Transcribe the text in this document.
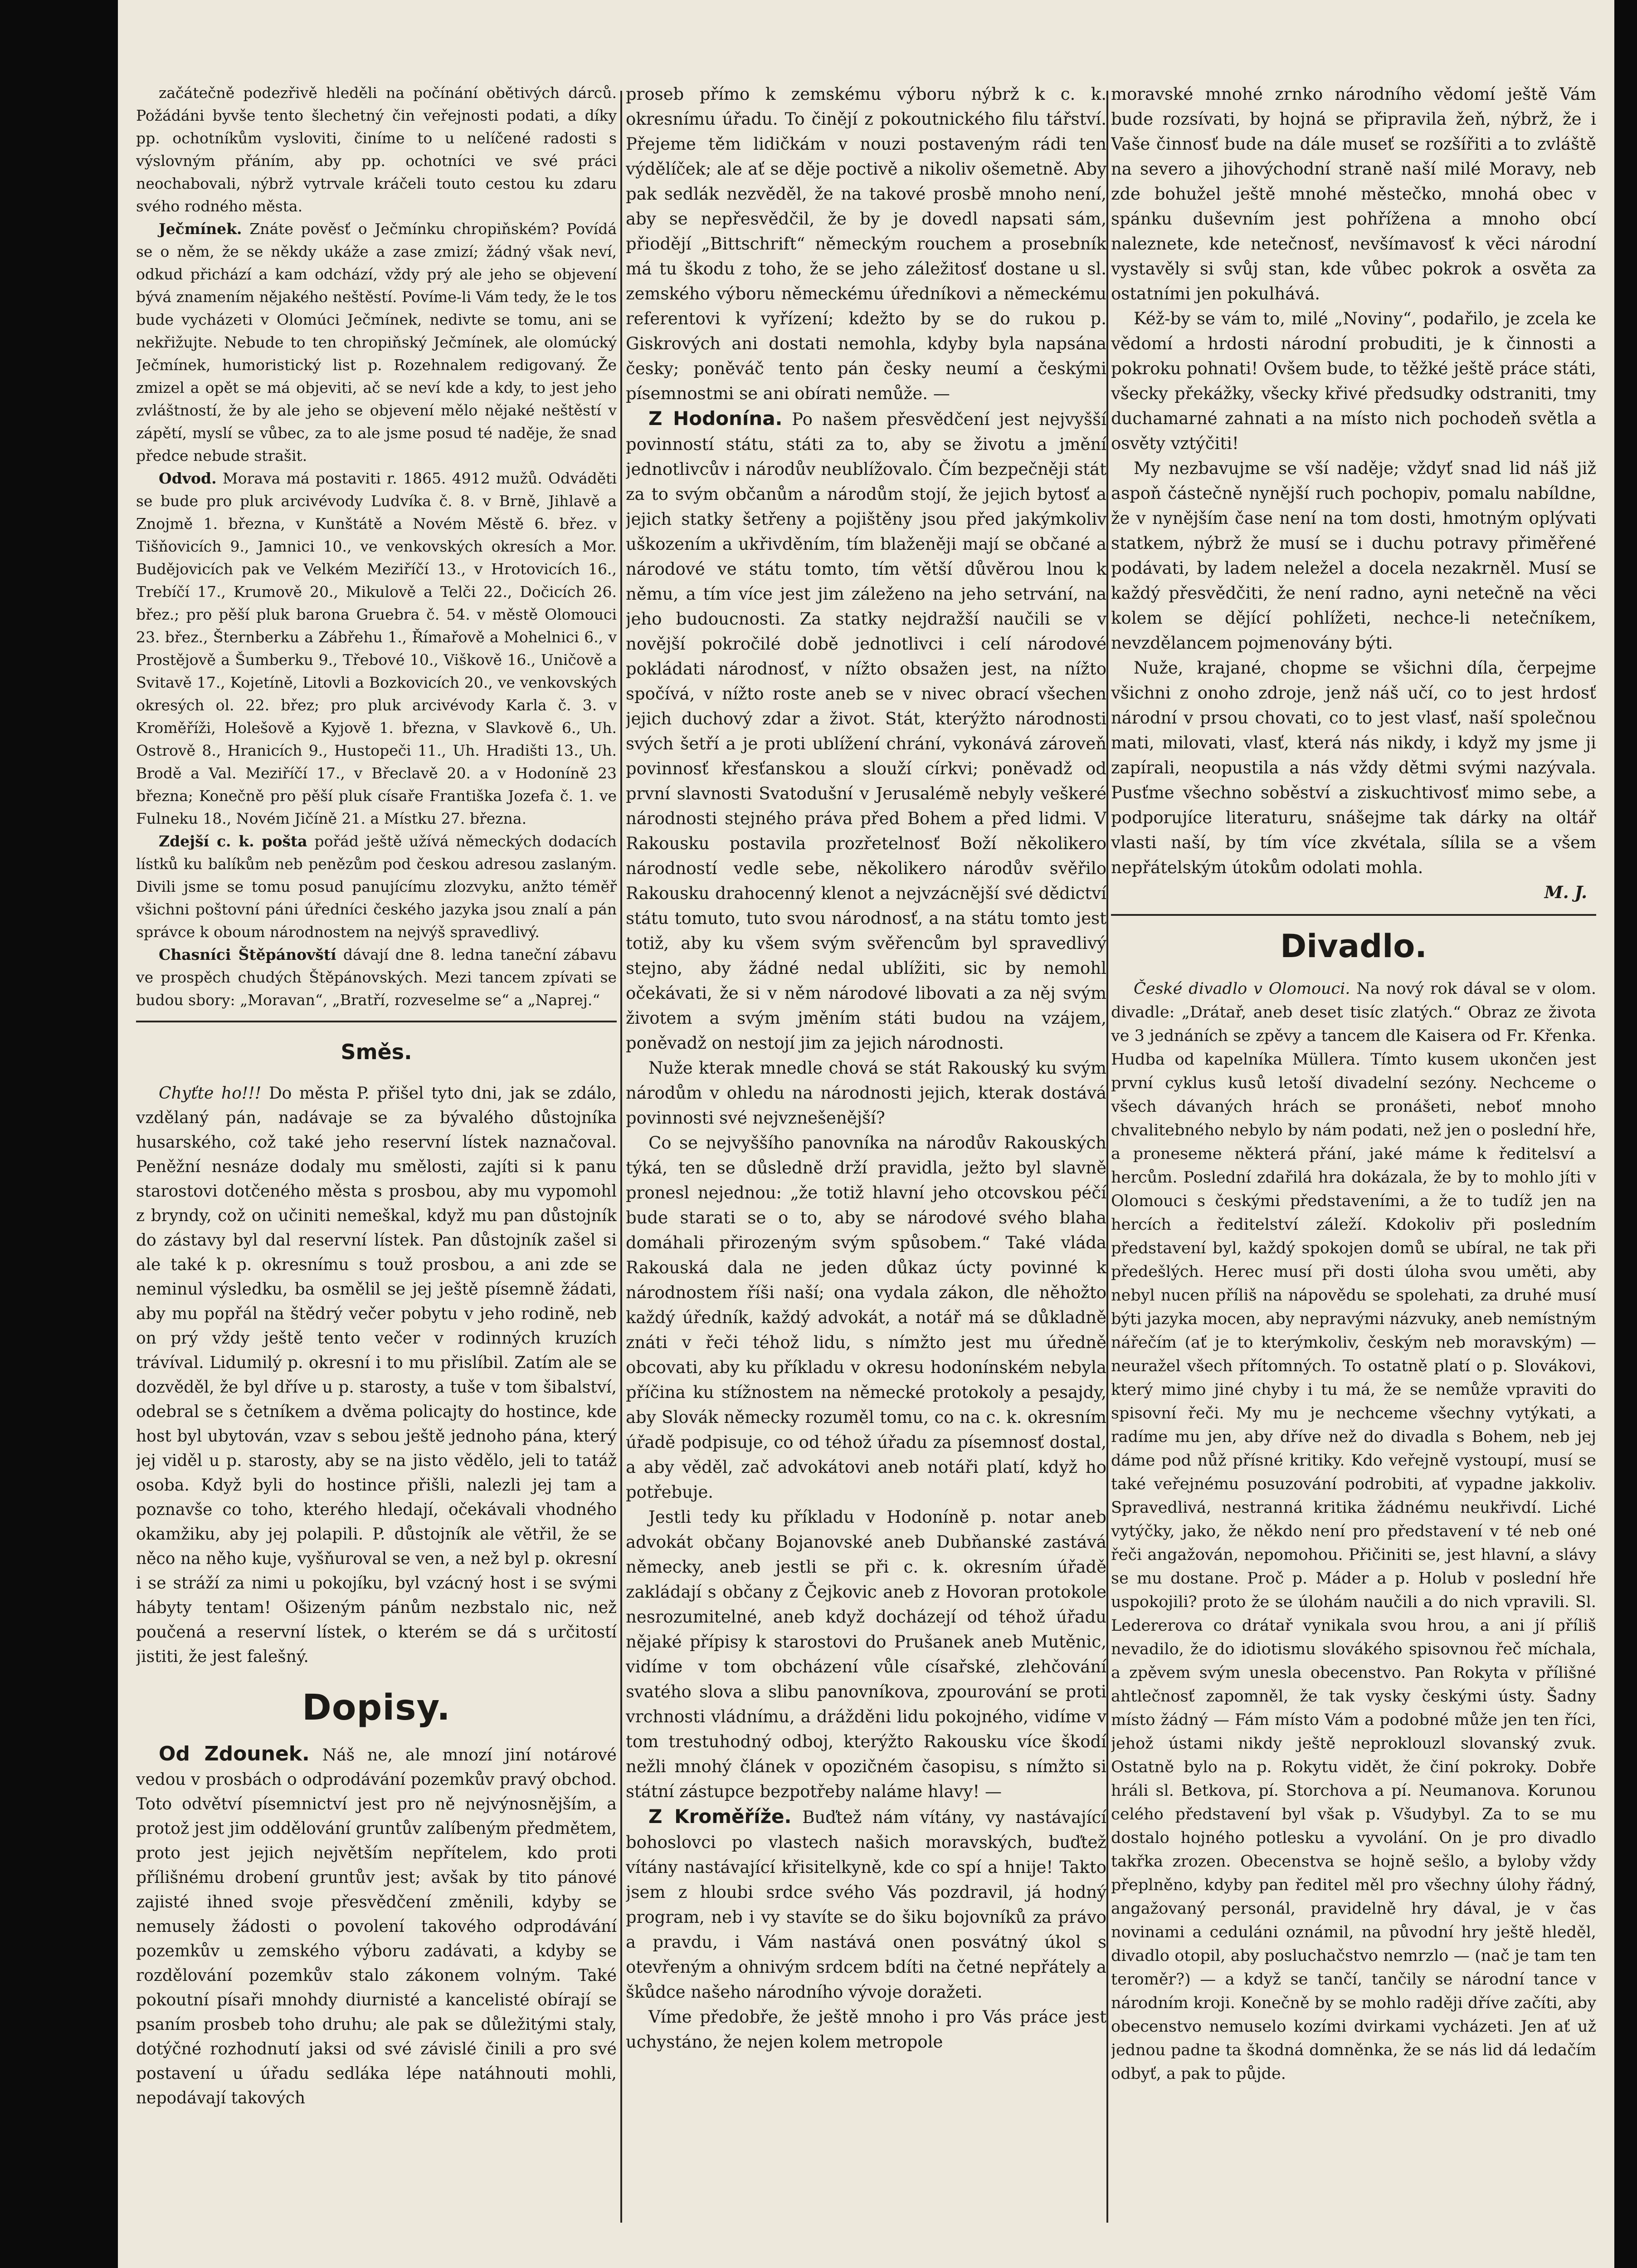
začátečně podezřivě hleděli na počínání obětivých dárců. Požádáni byvše tento šlechetný čin veřejnosti podati, a díky pp. ochotníkům vysloviti, činíme to u nelíčené radosti s výslovným přáním, aby pp. ochotníci ve své práci neochabovali, nýbrž vytrvale kráčeli touto cestou ku zdaru svého rodného města.

Ječmínek. Znáte pověsť o Ječmínku chropiňském? Povídá se o něm, že se někdy ukáže a zase zmizí; žádný však neví, odkud přichází a kam odchází, vždy prý ale jeho se objevení bývá znamením nějakého neštěstí. Povíme-li Vám tedy, že le tos bude vycházeti v Olomúci Ječmínek, nedivte se tomu, ani se nekřižujte. Nebude to ten chropiňský Ječmínek, ale olomúcký Ječmínek, humoristický list p. Rozehnalem redigovaný. Že zmizel a opět se má objeviti, ač se neví kde a kdy, to jest jeho zvláštností, že by ale jeho se objevení mělo nějaké neštěstí v zápětí, myslí se vůbec, za to ale jsme posud té naděje, že snad předce nebude strašit.

Odvod. Morava má postaviti r. 1865. 4912 mužů. Odváděti se bude pro pluk arcivévody Ludvíka č. 8. v Brně, Jihlavě a Znojmě 1. března, v Kunštátě a Novém Městě 6. břez. v Tišňovicích 9., Jamnici 10., ve venkovských okresích a Mor. Budějovicích pak ve Velkém Meziříčí 13., v Hrotovicích 16., Trebíčí 17., Krumově 20., Mikulově a Telči 22., Dočicích 26. břez.; pro pěší pluk barona Gruebra č. 54. v městě Olomouci 23. břez., Šternberku a Zábřehu 1., Římařově a Mohelnici 6., v Prostějově a Šumberku 9., Třebové 10., Viškově 16., Uničově a Svitavě 17., Kojetíně, Litovli a Bozkovicích 20., ve venkovských okresých ol. 22. břez; pro pluk arcivévody Karla č. 3. v Kroměříži, Holešově a Kyjově 1. března, v Slavkově 6., Uh. Ostrově 8., Hranicích 9., Hustopeči 11., Uh. Hradišti 13., Uh. Brodě a Val. Meziříčí 17., v Břeclavě 20. a v Hodoníně 23 března; Konečně pro pěší pluk císaře Františka Jozefa č. 1. ve Fulneku 18., Novém Jičíně 21. a Místku 27. března.

Zdejší c. k. pošta pořád ještě užívá německých dodacích lístků ku balíkům neb penězům pod českou adresou zaslaným. Divili jsme se tomu posud panujícímu zlozvyku, anžto téměř všichni poštovní páni úředníci českého jazyka jsou znalí a pán správce k oboum národnostem na nejvýš spravedlivý.

Chasníci Štěpánovští dávají dne 8. ledna taneční zábavu ve prospěch chudých Štěpánovských. Mezi tancem zpívati se budou sbory: „Moravan“, „Bratří, rozveselme se“ a „Naprej.“

Směs.

Chyťte ho!!! Do města P. přišel tyto dni, jak se zdálo, vzdělaný pán, nadávaje se za bývalého důstojníka husarského, což také jeho reservní lístek naznačoval. Peněžní nesnáze dodaly mu smělosti, zajíti si k panu starostovi dotčeného města s prosbou, aby mu vypomohl z bryndy, což on učiniti nemeškal, když mu pan důstojník do zástavy byl dal reservní lístek. Pan důstojník zašel si ale také k p. okresnímu s touž prosbou, a ani zde se neminul výsledku, ba osmělil se jej ještě písemně žádati, aby mu popřál na štědrý večer pobytu v jeho rodině, neb on prý vždy ještě tento večer v rodinných kruzích trávíval. Lidumilý p. okresní i to mu přislíbil. Zatím ale se dozvěděl, že byl dříve u p. starosty, a tuše v tom šibalství, odebral se s četníkem a dvěma policajty do hostince, kde host byl ubytován, vzav s sebou ještě jednoho pána, který jej viděl u p. starosty, aby se na jisto vědělo, jeli to tatáž osoba. Když byli do hostince přišli, nalezli jej tam a poznavše co toho, kterého hledají, očekávali vhodného okamžiku, aby jej polapili. P. důstojník ale větřil, že se něco na něho kuje, vyšňuroval se ven, a než byl p. okresní i se stráží za nimi u pokojíku, byl vzácný host i se svými hábyty tentam! Ošizeným pánům nezbstalo nic, než poučená a reservní lístek, o kterém se dá s určitostí jistiti, že jest falešný.

Dopisy.

Od Zdounek. Náš ne, ale mnozí jiní notárové vedou v prosbách o odprodávání pozemkův pravý obchod. Toto odvětví písemnictví jest pro ně nejvýnosnějším, a protož jest jim oddělování gruntův zalíbeným předmětem, proto jest jejich největším nepřítelem, kdo proti přílišnému drobení gruntův jest; avšak by tito pánové zajisté ihned svoje přesvědčení změnili, kdyby se nemusely žádosti o povolení takového odprodávání pozemkův u zemského výboru zadávati, a kdyby se rozdělování pozemkův stalo zákonem volným. Také pokoutní písaři mnohdy diurnisté a kancelisté obírají se psaním prosbeb toho druhu; ale pak se důležitými staly, dotýčné rozhodnutí jaksi od své závislé činili a pro své postavení u úřadu sedláka lépe natáhnouti mohli, nepodávají takových

proseb přímo k zemskému výboru nýbrž k c. k. okresnímu úřadu. To činějí z pokoutnického filu tářství. Přejeme těm lidičkám v nouzi postaveným rádi ten výdělíček; ale ať se děje poctivě a nikoliv ošemetně. Aby pak sedlák nezvěděl, že na takové prosbě mnoho není, aby se nepřesvědčil, že by je dovedl napsati sám, přiodějí „Bittschrift“ německým rouchem a prosebník má tu škodu z toho, že se jeho záležitosť dostane u sl. zemského výboru německému úředníkovi a německému referentovi k vyřízení; kdežto by se do rukou p. Giskrových ani dostati nemohla, kdyby byla napsána česky; poněváč tento pán česky neumí a českými písemnostmi se ani obírati nemůže. —

Z Hodonína. Po našem přesvědčení jest nejvyšší povinností státu, státi za to, aby se životu a jmění jednotlivcův i národův neublížovalo. Čím bezpečněji stát za to svým občanům a národům stojí, že jejich bytosť a jejich statky šetřeny a pojištěny jsou před jakýmkoliv uškozením a ukřivděním, tím blaženěji mají se občané a národové ve státu tomto, tím větší důvěrou lnou k němu, a tím více jest jim záleženo na jeho setrvání, na jeho budoucnosti. Za statky nejdražší naučili se v novější pokročilé době jednotlivci i celí národové pokládati národnosť, v nížto obsažen jest, na nížto spočívá, v nížto roste aneb se v nivec obrací všechen jejich duchový zdar a život. Stát, kterýžto národnosti svých šetří a je proti ublížení chrání, vykonává zároveň povinnosť křesťanskou a slouží církvi; poněvadž od první slavnosti Svatodušní v Jerusalémě nebyly veškeré národnosti stejného práva před Bohem a před lidmi. V Rakousku postavila prozřetelnosť Boží několikero národností vedle sebe, několikero národův svěřilo Rakousku drahocenný klenot a nejvzácnější své dědictví státu tomuto, tuto svou národnosť, a na státu tomto jest totiž, aby ku všem svým svěřencům byl spravedlivý stejno, aby žádné nedal ublížiti, sic by nemohl očekávati, že si v něm národové libovati a za něj svým životem a svým jměním státi budou na vzájem, poněvadž on nestojí jim za jejich národnosti.

Nuže kterak mnedle chová se stát Rakouský ku svým národům v ohledu na národnosti jejich, kterak dostává povinnosti své nejvznešenější?

Co se nejvyššího panovníka na národův Rakouských týká, ten se důsledně drží pravidla, ježto byl slavně pronesl nejednou: „že totiž hlavní jeho otcovskou péčí bude starati se o to, aby se národové svého blaha domáhali přirozeným svým spůsobem.“ Také vláda Rakouská dala ne jeden důkaz úcty povinné k národnostem říši naší; ona vydala zákon, dle něhožto každý úředník, každý advokát, a notář má se důkladně znáti v řeči téhož lidu, s nímžto jest mu úředně obcovati, aby ku příkladu v okresu hodonínském nebyla příčina ku stížnostem na německé protokoly a pesajdy, aby Slovák německy rozuměl tomu, co na c. k. okresním úřadě podpisuje, co od téhož úřadu za písemnosť dostal, a aby věděl, zač advokátovi aneb notáři platí, když ho potřebuje.

Jestli tedy ku příkladu v Hodoníně p. notar aneb advokát občany Bojanovské aneb Dubňanské zastává německy, aneb jestli se při c. k. okresním úřadě zakládají s občany z Čejkovic aneb z Hovoran protokole nesrozumitelné, aneb když docházejí od téhož úřadu nějaké přípisy k starostovi do Prušanek aneb Mutěnic, vidíme v tom obcházení vůle císařské, zlehčování svatého slova a slibu panovníkova, zpourování se proti vrchnosti vládnímu, a drážděni lidu pokojného, vidíme v tom trestuhodný odboj, kterýžto Rakousku více škodí nežli mnohý článek v opozičném časopisu, s nímžto si státní zástupce bezpotřeby naláme hlavy! —

Z Kroměříže. Buďtež nám vítány, vy nastávající bohoslovci po vlastech našich moravských, buďtež vítány nastávající křisitelkyně, kde co spí a hnije! Takto jsem z hloubi srdce svého Vás pozdravil, já hodný program, neb i vy stavíte se do šiku bojovníků za právo a pravdu, i Vám nastává onen posvátný úkol s otevřeným a ohnivým srdcem bdíti na četné nepřátely a škůdce našeho národního vývoje doražeti.

Víme předobře, že ještě mnoho i pro Vás práce jest uchystáno, že nejen kolem metropole

moravské mnohé zrnko národního vědomí ještě Vám bude rozsívati, by hojná se připravila žeň, nýbrž, že i Vaše činnosť bude na dále museť se rozšířiti a to zvláště na severo a jihovýchodní straně naší milé Moravy, neb zde bohužel ještě mnohé městečko, mnohá obec v spánku duševním jest pohřížena a mnoho obcí naleznete, kde netečnosť, nevšímavosť k věci národní vystavěly si svůj stan, kde vůbec pokrok a osvěta za ostatními jen pokulhává.

Kéž-by se vám to, milé „Noviny“, podařilo, je zcela ke vědomí a hrdosti národní probuditi, je k činnosti a pokroku pohnati! Ovšem bude, to těžké ještě práce státi, všecky překážky, všecky křivé předsudky odstraniti, tmy duchamarné zahnati a na místo nich pochodeň světla a osvěty vztýčiti!

My nezbavujme se vší naděje; vždyť snad lid náš již aspoň částečně nynější ruch pochopiv, pomalu nabíldne, že v nynějším čase není na tom dosti, hmotným oplývati statkem, nýbrž že musí se i duchu potravy přiměřené podávati, by ladem neležel a docela nezakrněl. Musí se každý přesvědčiti, že není radno, ayni netečně na věci kolem se dějící pohlížeti, nechce-li netečníkem, nevzdělancem pojmenovány býti.

Nuže, krajané, chopme se všichni díla, čerpejme všichni z onoho zdroje, jenž náš učí, co to jest hrdosť národní v prsou chovati, co to jest vlasť, naší společnou mati, milovati, vlasť, která nás nikdy, i když my jsme ji zapírali, neopustila a nás vždy dětmi svými nazývala. Pusťme všechno soběství a ziskuchtivosť mimo sebe, a podporujíce literaturu, snášejme tak dárky na oltář vlasti naší, by tím více zkvétala, sílila se a všem nepřátelským útokům odolati mohla.

M. J.
Divadlo.

České divadlo v Olomouci. Na nový rok dával se v olom. divadle: „Drátař, aneb deset tisíc zlatých.“ Obraz ze života ve 3 jednáních se zpěvy a tancem dle Kaisera od Fr. Křenka. Hudba od kapelníka Müllera. Tímto kusem ukončen jest první cyklus kusů letoší divadelní sezóny. Nechceme o všech dávaných hrách se pronášeti, neboť mnoho chvalitebného nebylo by nám podati, než jen o poslední hře, a proneseme některá přání, jaké máme k ředitelsví a hercům. Poslední zdařilá hra dokázala, že by to mohlo jíti v Olomouci s českými představeními, a že to tudíž jen na hercích a ředitelství záleží. Kdokoliv při posledním představení byl, každý spokojen domů se ubíral, ne tak při předešlých. Herec musí při dosti úloha svou uměti, aby nebyl nucen příliš na nápovědu se spolehati, za druhé musí býti jazyka mocen, aby nepravými názvuky, aneb nemístným nářečím (ať je to kterýmkoliv, českým neb moravským) — neuražel všech přítomných. To ostatně platí o p. Slovákovi, který mimo jiné chyby i tu má, že se nemůže vpraviti do spisovní řeči. My mu je nechceme všechny vytýkati, a radíme mu jen, aby dříve než do divadla s Bohem, neb jej dáme pod nůž přísné kritiky. Kdo veřejně vystoupí, musí se také veřejnému posuzování podrobiti, ať vypadne jakkoliv. Spravedlivá, nestranná kritika žádnému neukřivdí. Liché vytýčky, jako, že někdo není pro představení v té neb oné řeči angažován, nepomohou. Přičiniti se, jest hlavní, a slávy se mu dostane. Proč p. Máder a p. Holub v poslední hře uspokojili? proto že se úlohám naučili a do nich vpravili. Sl. Ledererova co drátař vynikala svou hrou, a ani jí příliš nevadilo, že do idiotismu slovákého spisovnou řeč míchala, a zpěvem svým unesla obecenstvo. Pan Rokyta v přílišné ahtlečnosť zapomněl, že tak vysky českými ústy. Šadny místo žádný — Fám místo Vám a podobné může jen ten říci, jehož ústami nikdy ještě neproklouzl slovanský zvuk. Ostatně bylo na p. Rokytu vidět, že činí pokroky. Dobře hráli sl. Betkova, pí. Storchova a pí. Neumanova. Korunou celého představení byl však p. Všudybyl. Za to se mu dostalo hojného potlesku a vyvolání. On je pro divadlo takřka zrozen. Obecenstva se hojně sešlo, a byloby vždy přeplněno, kdyby pan ředitel měl pro všechny úlohy řádný, angažovaný personál, pravidelně hry dával, je v čas novinami a ceduláni oznámil, na původní hry ještě hleděl, divadlo otopil, aby posluchačstvo nemrzlo — (nač je tam ten teroměr?) — a když se tančí, tančily se národní tance v národním kroji. Konečně by se mohlo raději dříve začíti, aby obecenstvo nemuselo kozími dvirkami vycházeti. Jen ať už jednou padne ta škodná domněnka, že se nás lid dá ledačím odbyť, a pak to půjde.
